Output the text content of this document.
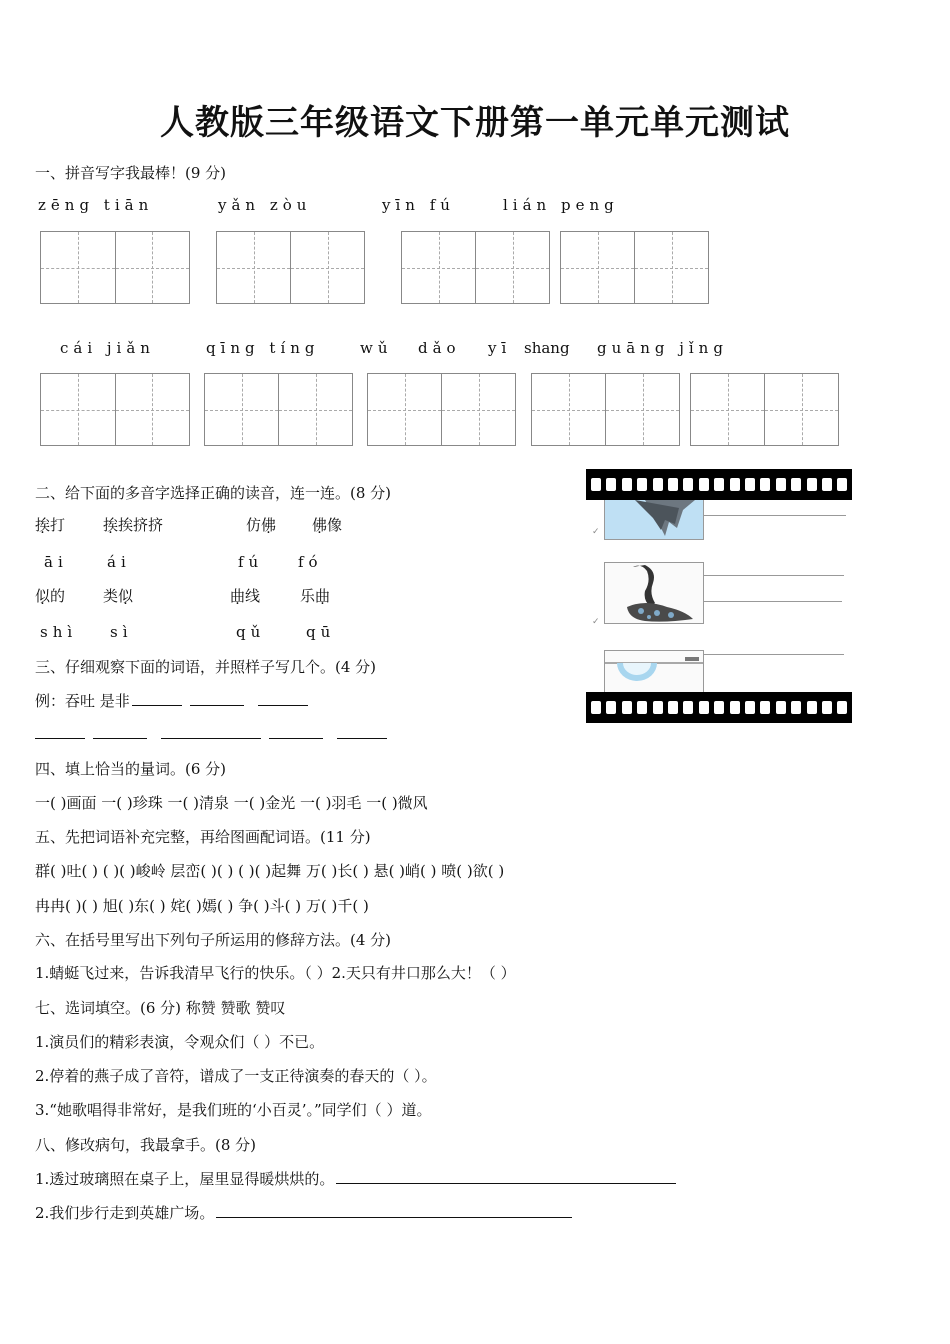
人教版三年级语文下册第一单元单元测试
一、拼音写字我最棒！(9 分)
zēng tiān	yǎn zòu	yīn fú	lián peng
cái jiǎn	qīng tíng	wǔ dǎo yī shang guāng jǐng
二、给下面的多音字选择正确的读音，连一连。(8 分)
挨打	挨挨挤挤	仿佛 佛像
āi	ái	fú fó
似的	类似	曲线	乐曲
shì sì	qǔ	qū
✓
✓
三、仔细观察下面的词语，并照样子写几个。(4 分)
例：吞吐 是非
四、填上恰当的量词。(6 分)
一( )画面 一( )珍珠 一( )清泉 一( )金光 一( )羽毛 一( )微风
五、先把词语补充完整，再给图画配词语。(11 分)
群( )吐( ) ( )( )峻岭 层峦( )( ) ( )( )起舞 万( )长( ) 悬( )峭( ) 喷( )欲( )
冉冉( )( ) 旭( )东( ) 姹( )嫣( ) 争( )斗( ) 万( )千( )
六、在括号里写出下列句子所运用的修辞方法。(4 分)
1.蜻蜓飞过来，告诉我清早飞行的快乐。（ ）2.天只有井口那么大！（ ）
七、选词填空。(6 分) 称赞 赞歌 赞叹
1.演员们的精彩表演，令观众们（ ）不已。
2.停着的燕子成了音符，谱成了一支正待演奏的春天的（ ）。
3.“她歌唱得非常好，是我们班的‘小百灵’。”同学们（ ）道。
八、修改病句，我最拿手。(8 分)
1.透过玻璃照在桌子上，屋里显得暖烘烘的。
2.我们步行走到英雄广场。
